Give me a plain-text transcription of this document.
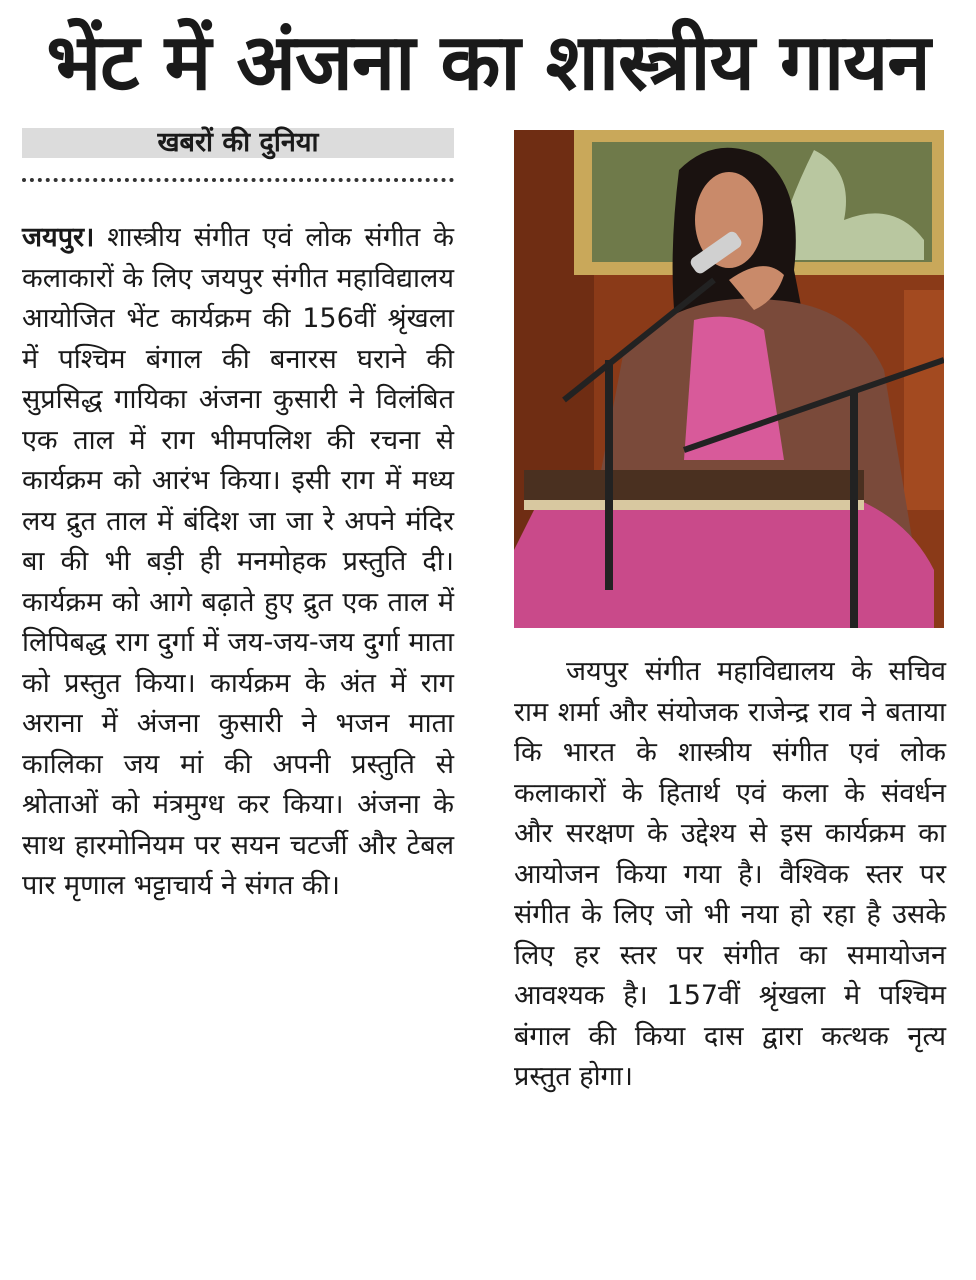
भेंट में अंजना का शास्त्रीय गायन
खबरों की दुनिया

जयपुर। शास्त्रीय संगीत एवं लोक संगीत के कलाकारों के लिए जयपुर संगीत महाविद्यालय आयोजित भेंट कार्यक्रम की 156वीं श्रृंखला में पश्चिम बंगाल की बनारस घराने की सुप्रसिद्ध गायिका अंजना कुसारी ने विलंबित एक ताल में राग भीमपलिश की रचना से कार्यक्रम को आरंभ किया। इसी राग में मध्य लय द्रुत ताल में बंदिश जा जा रे अपने मंदिर बा की भी बड़ी ही मनमोहक प्रस्तुति दी। कार्यक्रम को आगे बढ़ाते हुए द्रुत एक ताल में लिपिबद्ध राग दुर्गा में जय-जय-जय दुर्गा माता को प्रस्तुत किया। कार्यक्रम के अंत में राग अराना में अंजना कुसारी ने भजन माता कालिका जय मां की अपनी प्रस्तुति से श्रोताओं को मंत्रमुग्ध कर किया। अंजना के साथ हारमोनियम पर सयन चटर्जी और टेबल पार मृणाल भट्टाचार्य ने संगत की।

जयपुर संगीत महाविद्यालय के सचिव राम शर्मा और संयोजक राजेन्द्र राव ने बताया कि भारत के शास्त्रीय संगीत एवं लोक कलाकारों के हितार्थ एवं कला के संवर्धन और सरक्षण के उद्देश्य से इस कार्यक्रम का आयोजन किया गया है। वैश्विक स्तर पर संगीत के लिए जो भी नया हो रहा है उसके लिए हर स्तर पर संगीत का समायोजन आवश्यक है। 157वीं श्रृंखला मे पश्चिम बंगाल की किया दास द्वारा कत्थक नृत्य प्रस्तुत होगा।
